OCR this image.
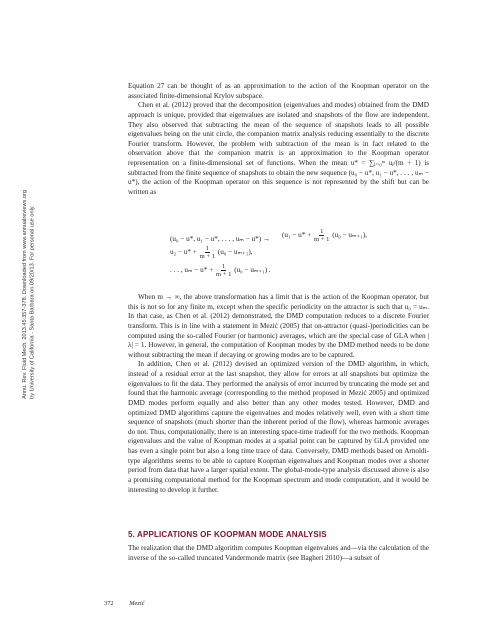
Annu. Rev. Fluid Mech. 2013.45:357-378. Downloaded from www.annualreviews.org by University of California - Santa Barbara on 09/20/13. For personal use only.

Equation 27 can be thought of as an approximation to the action of the Koopman operator on the associated finite-dimensional Krylov subspace.

Chen et al. (2012) proved that the decomposition (eigenvalues and modes) obtained from the DMD approach is unique, provided that eigenvalues are isolated and snapshots of the flow are independent. They also observed that subtracting the mean of the sequence of snapshots leads to all possible eigenvalues being on the unit circle, the companion matrix analysis reducing essentially to the discrete Fourier transform. However, the problem with subtraction of the mean is in fact related to the observation above that the companion matrix is an approximation to the Koopman operator representation on a finite-dimensional set of functions. When the mean u* = ∑ⱼ₌₀ᵐ uⱼ/(m + 1) is subtracted from the finite sequence of snapshots to obtain the new sequence (u₀ − u*, u₁ − u*, . . . , uₘ − u*), the action of the Koopman operator on this sequence is not represented by the shift but can be written as

(u₀ − u*, u₁ − u*, . . . , $u_m - u*) \to (u_1 - u* + \frac{1}{m + 1} (u_0 - u_{m+1})$,
$u_2 - u* + \frac{1}{m + 1} (u_0 - u_{m+1})$,
. . . , $u_m - u* + \frac{1}{m + 1} (u_0 - u_{m+1})$ .

When m → ∞, the above transformation has a limit that is the action of the Koopman operator, but this is not so for any finite m, except when the specific periodicity on the attractor is such that u₀ = uₘ. In that case, as Chen et al. (2012) demonstrated, the DMD computation reduces to a discrete Fourier transform. This is in line with a statement in Mezić (2005) that on-attractor (quasi-)periodicities can be computed using the so-called Fourier (or harmonic) averages, which are the special case of GLA when |λ| = 1. However, in general, the computation of Koopman modes by the DMD method needs to be done without subtracting the mean if decaying or growing modes are to be captured.

In addition, Chen et al. (2012) devised an optimized version of the DMD algorithm, in which, instead of a residual error at the last snapshot, they allow for errors at all snapshots but optimize the eigenvalues to fit the data. They performed the analysis of error incurred by truncating the mode set and found that the harmonic average (corresponding to the method proposed in Mezić 2005) and optimized DMD modes perform equally and also better than any other modes tested. However, DMD and optimized DMD algorithms capture the eigenvalues and modes relatively well, even with a short time sequence of snapshots (much shorter than the inherent period of the flow), whereas harmonic averages do not. Thus, computationally, there is an interesting space-time tradeoff for the two methods. Koopman eigenvalues and the value of Koopman modes at a spatial point can be captured by GLA provided one has even a single point but also a long time trace of data. Conversely, DMD methods based on Arnoldi-type algorithms seems to be able to capture Koopman eigenvalues and Koopman modes over a shorter period from data that have a larger spatial extent. The global-mode-type analysis discussed above is also a promising computational method for the Koopman spectrum and mode computation, and it would be interesting to develop it further.

5. APPLICATIONS OF KOOPMAN MODE ANALYSIS

The realization that the DMD algorithm computes Koopman eigenvalues and—via the calculation of the inverse of the so-called truncated Vandermonde matrix (see Bagheri 2010)—a subset of

372 Mezić
